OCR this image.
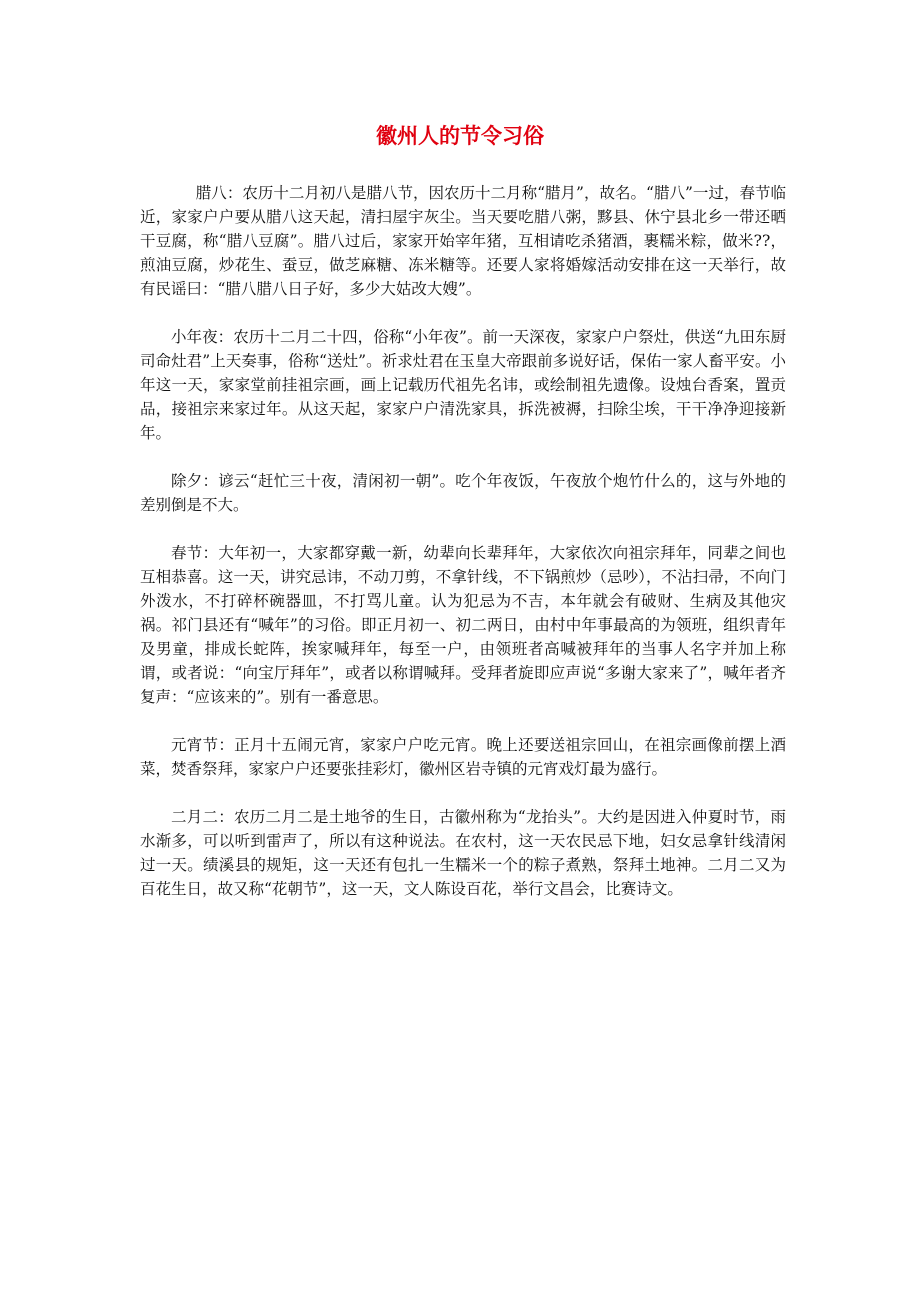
徽州人的节令习俗

腊八：农历十二月初八是腊八节，因农历十二月称“腊月”，故名。“腊八”一过，春节临近，家家户户要从腊八这天起，清扫屋宇灰尘。当天要吃腊八粥，黟县、休宁县北乡一带还晒干豆腐，称“腊八豆腐”。腊八过后，家家开始宰年猪，互相请吃杀猪酒，裹糯米粽，做米??，煎油豆腐，炒花生、蚕豆，做芝麻糖、冻米糖等。还要人家将婚嫁活动安排在这一天举行，故有民谣曰：“腊八腊八日子好，多少大姑改大嫂”。

小年夜：农历十二月二十四，俗称“小年夜”。前一天深夜，家家户户祭灶，供送“九田东厨司命灶君”上天奏事，俗称“送灶”。祈求灶君在玉皇大帝跟前多说好话，保佑一家人畜平安。小年这一天，家家堂前挂祖宗画，画上记载历代祖先名讳，或绘制祖先遗像。设烛台香案，置贡品，接祖宗来家过年。从这天起，家家户户清洗家具，拆洗被褥，扫除尘埃，干干净净迎接新年。

除夕：谚云“赶忙三十夜，清闲初一朝”。吃个年夜饭，午夜放个炮竹什么的，这与外地的差别倒是不大。

春节：大年初一，大家都穿戴一新，幼辈向长辈拜年，大家依次向祖宗拜年，同辈之间也互相恭喜。这一天，讲究忌讳，不动刀剪，不拿针线，不下锅煎炒（忌吵），不沾扫帚，不向门外泼水，不打碎杯碗器皿，不打骂儿童。认为犯忌为不吉，本年就会有破财、生病及其他灾祸。祁门县还有“喊年”的习俗。即正月初一、初二两日，由村中年事最高的为领班，组织青年及男童，排成长蛇阵，挨家喊拜年，每至一户，由领班者高喊被拜年的当事人名字并加上称谓，或者说：“向宝厅拜年”，或者以称谓喊拜。受拜者旋即应声说“多谢大家来了”，喊年者齐复声：“应该来的”。别有一番意思。

元宵节：正月十五闹元宵，家家户户吃元宵。晚上还要送祖宗回山，在祖宗画像前摆上酒菜，焚香祭拜，家家户户还要张挂彩灯，徽州区岩寺镇的元宵戏灯最为盛行。

二月二：农历二月二是土地爷的生日，古徽州称为“龙抬头”。大约是因进入仲夏时节，雨水渐多，可以听到雷声了，所以有这种说法。在农村，这一天农民忌下地，妇女忌拿针线清闲过一天。绩溪县的规矩，这一天还有包扎一生糯米一个的粽子煮熟，祭拜土地神。二月二又为百花生日，故又称“花朝节”，这一天，文人陈设百花，举行文昌会，比赛诗文。
